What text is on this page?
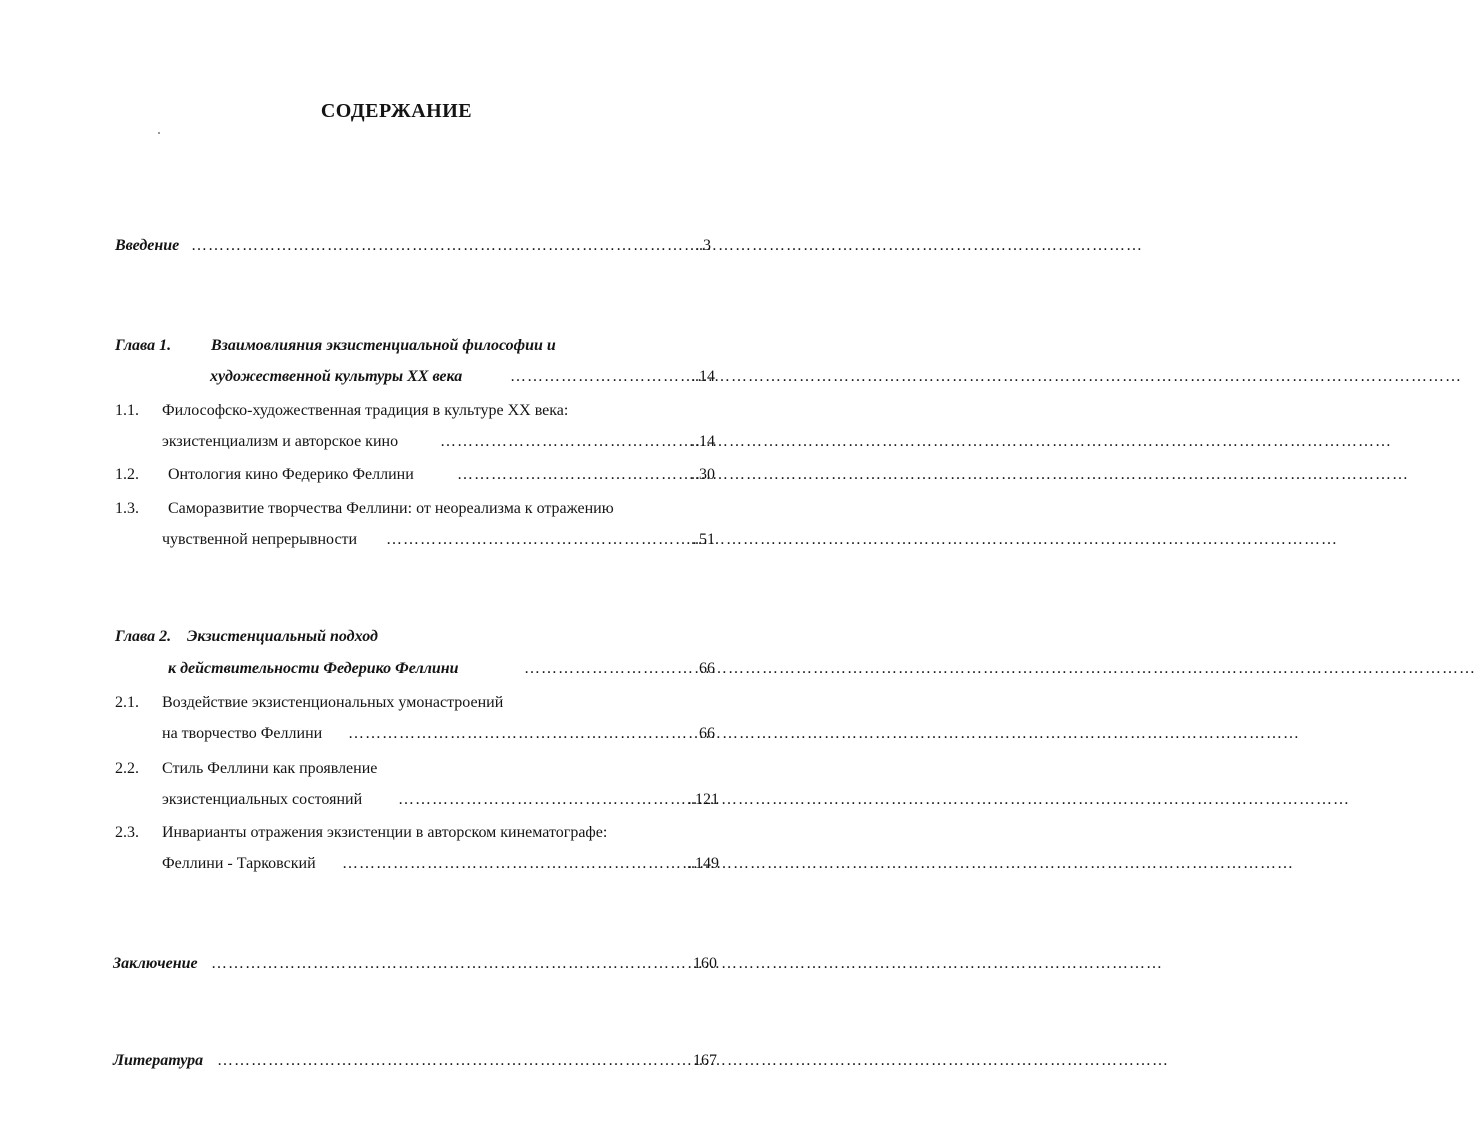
СОДЕРЖАНИЕ
Введение ……………………………………………………………………………………………………………………………………………………	..3
Глава 1. Взаимовлияния экзистенциальной философии и
художественной культуры XX века ……………………………………………………………………………………………………………………………………………………	..14
1.1. Философско-художественная традиция в культуре XX века:
экзистенциализм и авторское кино ……………………………………………………………………………………………………………………………………………………	..14
1.2. Онтология кино Федерико Феллини ……………………………………………………………………………………………………………………………………………………	..30
1.3. Саморазвитие творчества Феллини: от неореализма к отражению
чувственной непрерывности ……………………………………………………………………………………………………………………………………………………	..51
Глава 2. Экзистенциальный подход
к действительности Федерико Феллини ……………………………………………………………………………………………………………………………………………………	66
2.1. Воздействие экзистенциональных умонастроений
на творчество Феллини ……………………………………………………………………………………………………………………………………………………	66
2.2. Стиль Феллини как проявление
экзистенциальных состояний ……………………………………………………………………………………………………………………………………………………	..121
2.3. Инварианты отражения экзистенции в авторском кинематографе:
Феллини - Тарковский ……………………………………………………………………………………………………………………………………………………	..149
Заключение ……………………………………………………………………………………………………………………………………………………	160
Литература ……………………………………………………………………………………………………………………………………………………	167
